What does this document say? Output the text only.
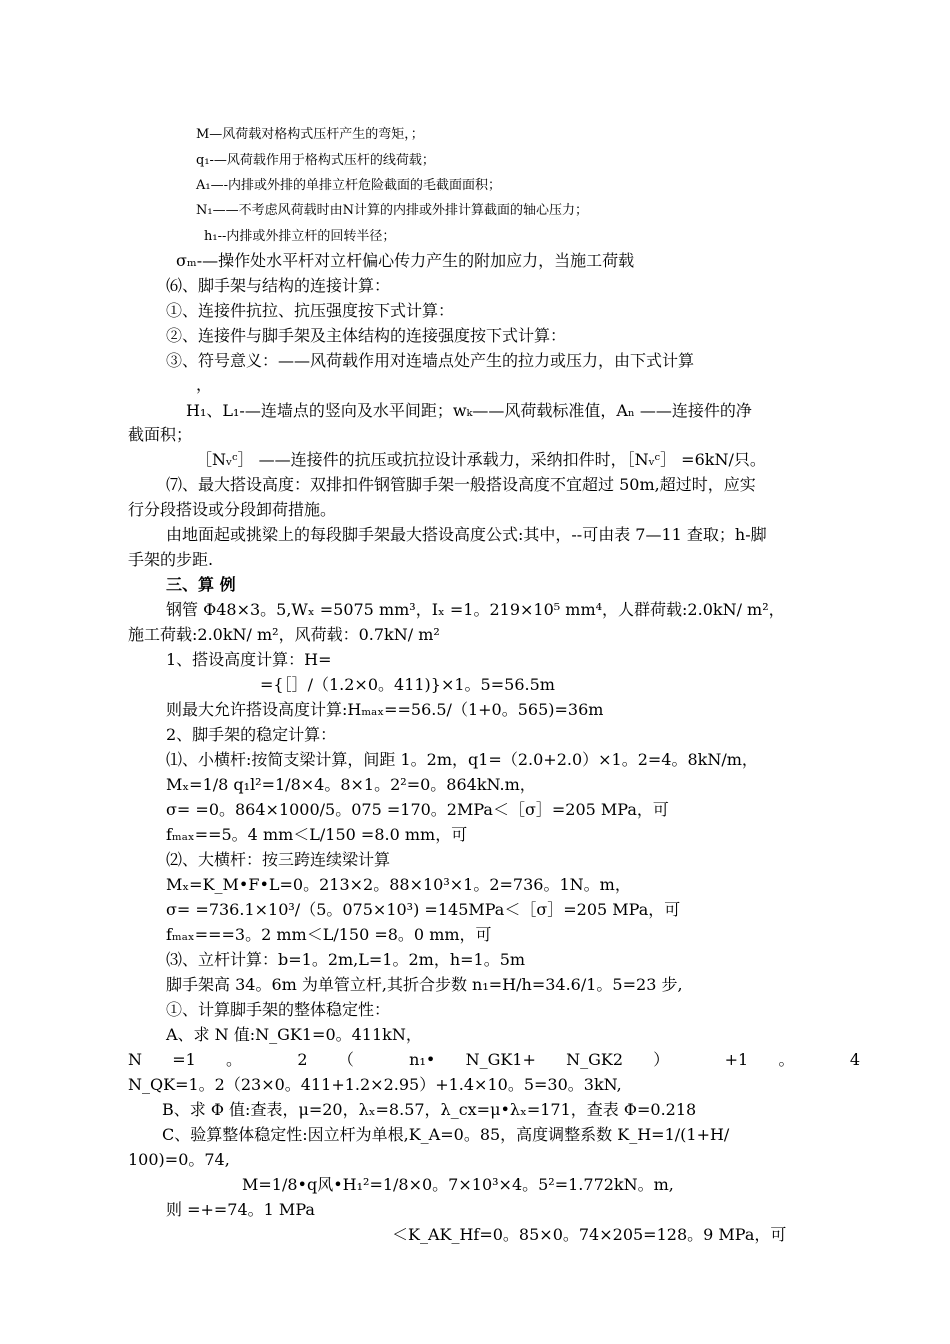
M—风荷载对格构式压杆产生的弯矩，；
q₁-—风荷载作用于格构式压杆的线荷载；
A₁—-内排或外排的单排立杆危险截面的毛截面面积；
N₁——不考虑风荷载时由N计算的内排或外排计算截面的轴心压力；
h₁--内排或外排立杆的回转半径；
σₘ-—操作处水平杆对立杆偏心传力产生的附加应力，当施工荷载
⑹、脚手架与结构的连接计算：
①、连接件抗拉、抗压强度按下式计算：
②、连接件与脚手架及主体结构的连接强度按下式计算：
③、符号意义：——风荷载作用对连墙点处产生的拉力或压力，由下式计算
，
H₁、L₁-—连墙点的竖向及水平间距；wₖ——风荷载标准值，Aₙ ——连接件的净
截面积；
［Nᵥᶜ］ ——连接件的抗压或抗拉设计承载力，采纳扣件时，［Nᵥᶜ］ =6kN/只。
⑺、最大搭设高度：双排扣件钢管脚手架一般搭设高度不宜超过 50m,超过时，应实
行分段搭设或分段卸荷措施。
由地面起或挑梁上的每段脚手架最大搭设高度公式:其中，--可由表 7—11 查取；h-脚
手架的步距.
三、算 例
钢管 Φ48×3。5,Wₓ =5075 mm³，Iₓ =1。219×10⁵ mm⁴，人群荷载:2.0kN/ m²，
施工荷载:2.0kN/ m²，风荷载：0.7kN/ m²
1、搭设高度计算：H=
={［］/（1.2×0。411)}×1。5=56.5m
则最大允许搭设高度计算:Hₘₐₓ==56.5/（1+0。565)=36m
2、脚手架的稳定计算：
⑴、小横杆:按简支梁计算，间距 1。2m，q1=（2.0+2.0）×1。2=4。8kN/m，
Mₓ=1/8 q₁l²=1/8×4。8×1。2²=0。864kN.m，
σ= =0。864×1000/5。075 =170。2MPa＜［σ］=205 MPa，可
fₘₐₓ==5。4 mm＜L/150 =8.0 mm，可
⑵、大横杆：按三跨连续梁计算
Mₓ=K_M•F•L=0。213×2。88×10³×1。2=736。1N。m，
σ= =736.1×10³/（5。075×10³) =145MPa＜［σ］=205 MPa，可
fₘₐₓ===3。2 mm＜L/150 =8。0 mm，可
⑶、立杆计算：b=1。2m,L=1。2m，h=1。5m
脚手架高 34。6m 为单管立杆,其折合步数 n₁=H/h=34.6/1。5=23 步,
①、计算脚手架的整体稳定性：
A、求 N 值:N_GK1=0。411kN，
N =1 。 2 （ n₁• N_GK1+ N_GK2 ） +1 。 4
N_QK=1。2（23×0。411+1.2×2.95）+1.4×10。5=30。3kN,
B、求 Φ 值:查表，μ=20，λₓ=8.57，λ_cx=μ•λₓ=171，查表 Φ=0.218
C、验算整体稳定性:因立杆为单根,K_A=0。85，高度调整系数 K_H=1/(1+H/
100)=0。74,
M=1/8•q风•H₁²=1/8×0。7×10³×4。5²=1.772kN。m,
则 =+=74。1 MPa
＜K_AK_Hf=0。85×0。74×205=128。9 MPa，可
